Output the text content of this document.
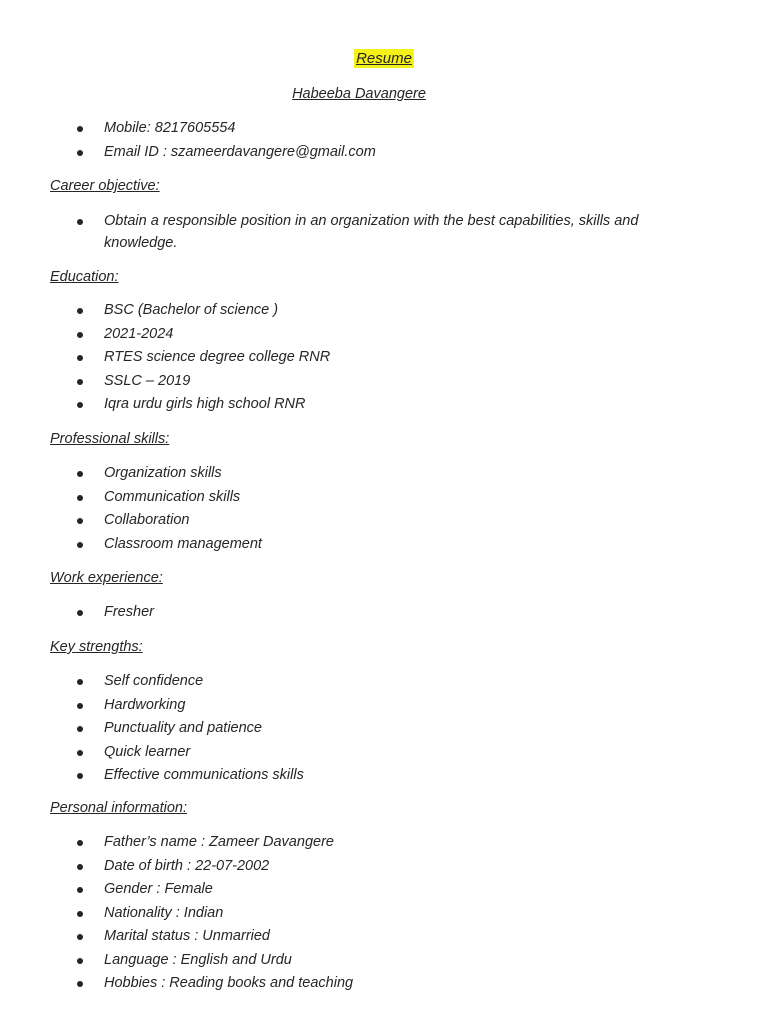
Resume
Habeeba Davangere
Mobile: 8217605554
Email ID : szameerdavangere@gmail.com
Career objective:
Obtain a responsible position in an organization with the best capabilities, skills and knowledge.
Education:
BSC (Bachelor of science )
2021-2024
RTES science degree college RNR
SSLC – 2019
Iqra urdu girls high school RNR
Professional skills:
Organization skills
Communication skills
Collaboration
Classroom management
Work experience:
Fresher
Key strengths:
Self confidence
Hardworking
Punctuality and patience
Quick learner
Effective communications skills
Personal information:
Father’s name : Zameer Davangere
Date of birth : 22-07-2002
Gender : Female
Nationality : Indian
Marital status : Unmarried
Language : English and Urdu
Hobbies : Reading books and teaching
